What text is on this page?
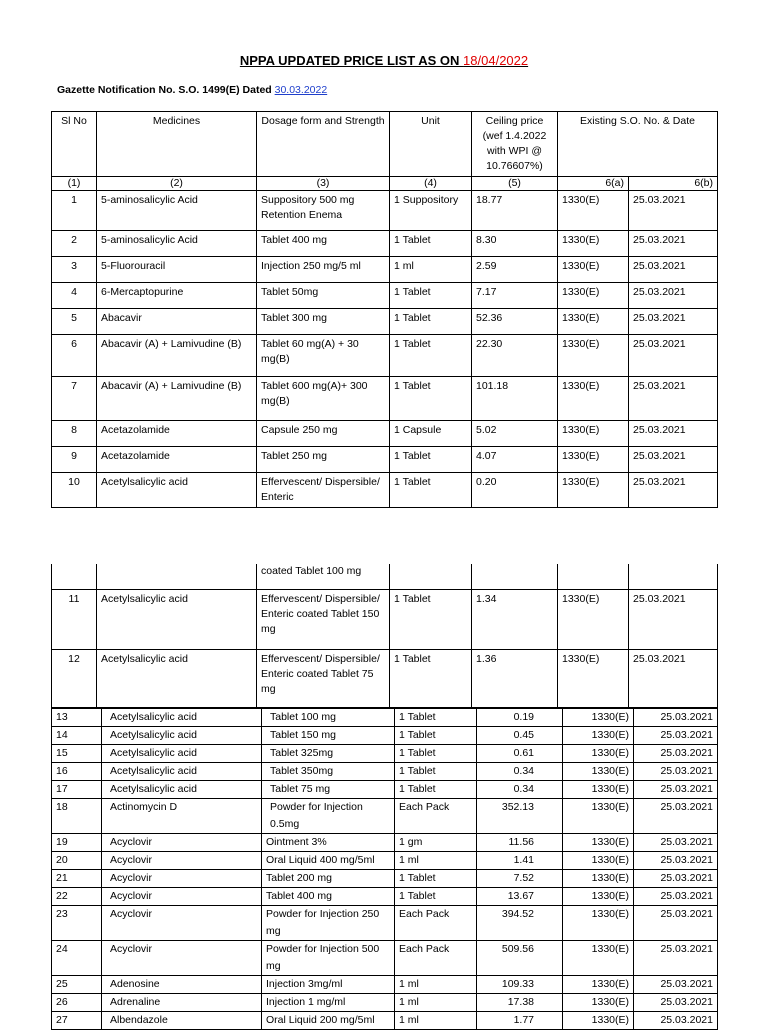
NPPA UPDATED PRICE LIST AS ON 18/04/2022
Gazette Notification No. S.O. 1499(E) Dated 30.03.2022
Sl No	Medicines	Dosage form and Strength	Unit	Ceiling price (wef 1.4.2022 with WPI @ 10.76607%)	Existing S.O. No. & Date	
(1)	(2)	(3)	(4)	(5)	6(a)	6(b)
1	5-aminosalicylic Acid	Suppository 500 mg Retention Enema	1 Suppository	18.77	1330(E)	25.03.2021
2	5-aminosalicylic Acid	Tablet 400 mg	1 Tablet	8.30	1330(E)	25.03.2021
3	5-Fluorouracil	Injection 250 mg/5 ml	1 ml	2.59	1330(E)	25.03.2021
4	6-Mercaptopurine	Tablet 50mg	1 Tablet	7.17	1330(E)	25.03.2021
5	Abacavir	Tablet 300 mg	1 Tablet	52.36	1330(E)	25.03.2021
6	Abacavir (A) + Lamivudine (B)	Tablet 60 mg(A) + 30 mg(B)	1 Tablet	22.30	1330(E)	25.03.2021
7	Abacavir (A) + Lamivudine (B)	Tablet 600 mg(A)+ 300 mg(B)	1 Tablet	101.18	1330(E)	25.03.2021
8	Acetazolamide	Capsule 250 mg	1 Capsule	5.02	1330(E)	25.03.2021
9	Acetazolamide	Tablet 250 mg	1 Tablet	4.07	1330(E)	25.03.2021
10	Acetylsalicylic acid	Effervescent/ Dispersible/ Enteric	1 Tablet	0.20	1330(E)	25.03.2021
		coated Tablet 100 mg				
11	Acetylsalicylic acid	Effervescent/ Dispersible/ Enteric coated Tablet 150 mg	1 Tablet	1.34	1330(E)	25.03.2021
12	Acetylsalicylic acid	Effervescent/ Dispersible/ Enteric coated Tablet 75 mg	1 Tablet	1.36	1330(E)	25.03.2021
13	Acetylsalicylic acid	Tablet 100 mg	1 Tablet	0.19	1330(E)	25.03.2021
14	Acetylsalicylic acid	Tablet 150 mg	1 Tablet	0.45	1330(E)	25.03.2021
15	Acetylsalicylic acid	Tablet 325mg	1 Tablet	0.61	1330(E)	25.03.2021
16	Acetylsalicylic acid	Tablet 350mg	1 Tablet	0.34	1330(E)	25.03.2021
17	Acetylsalicylic acid	Tablet 75 mg	1 Tablet	0.34	1330(E)	25.03.2021
18	Actinomycin D	Powder for Injection 0.5mg	Each Pack	352.13	1330(E)	25.03.2021
19	Acyclovir	Ointment 3%	1 gm	11.56	1330(E)	25.03.2021
20	Acyclovir	Oral Liquid 400 mg/5ml	1 ml	1.41	1330(E)	25.03.2021
21	Acyclovir	Tablet 200 mg	1 Tablet	7.52	1330(E)	25.03.2021
22	Acyclovir	Tablet 400 mg	1 Tablet	13.67	1330(E)	25.03.2021
23	Acyclovir	Powder for Injection 250 mg	Each Pack	394.52	1330(E)	25.03.2021
24	Acyclovir	Powder for Injection 500 mg	Each Pack	509.56	1330(E)	25.03.2021
25	Adenosine	Injection 3mg/ml	1 ml	109.33	1330(E)	25.03.2021
26	Adrenaline	Injection 1 mg/ml	1 ml	17.38	1330(E)	25.03.2021
27	Albendazole	Oral Liquid 200 mg/5ml	1 ml	1.77	1330(E)	25.03.2021
